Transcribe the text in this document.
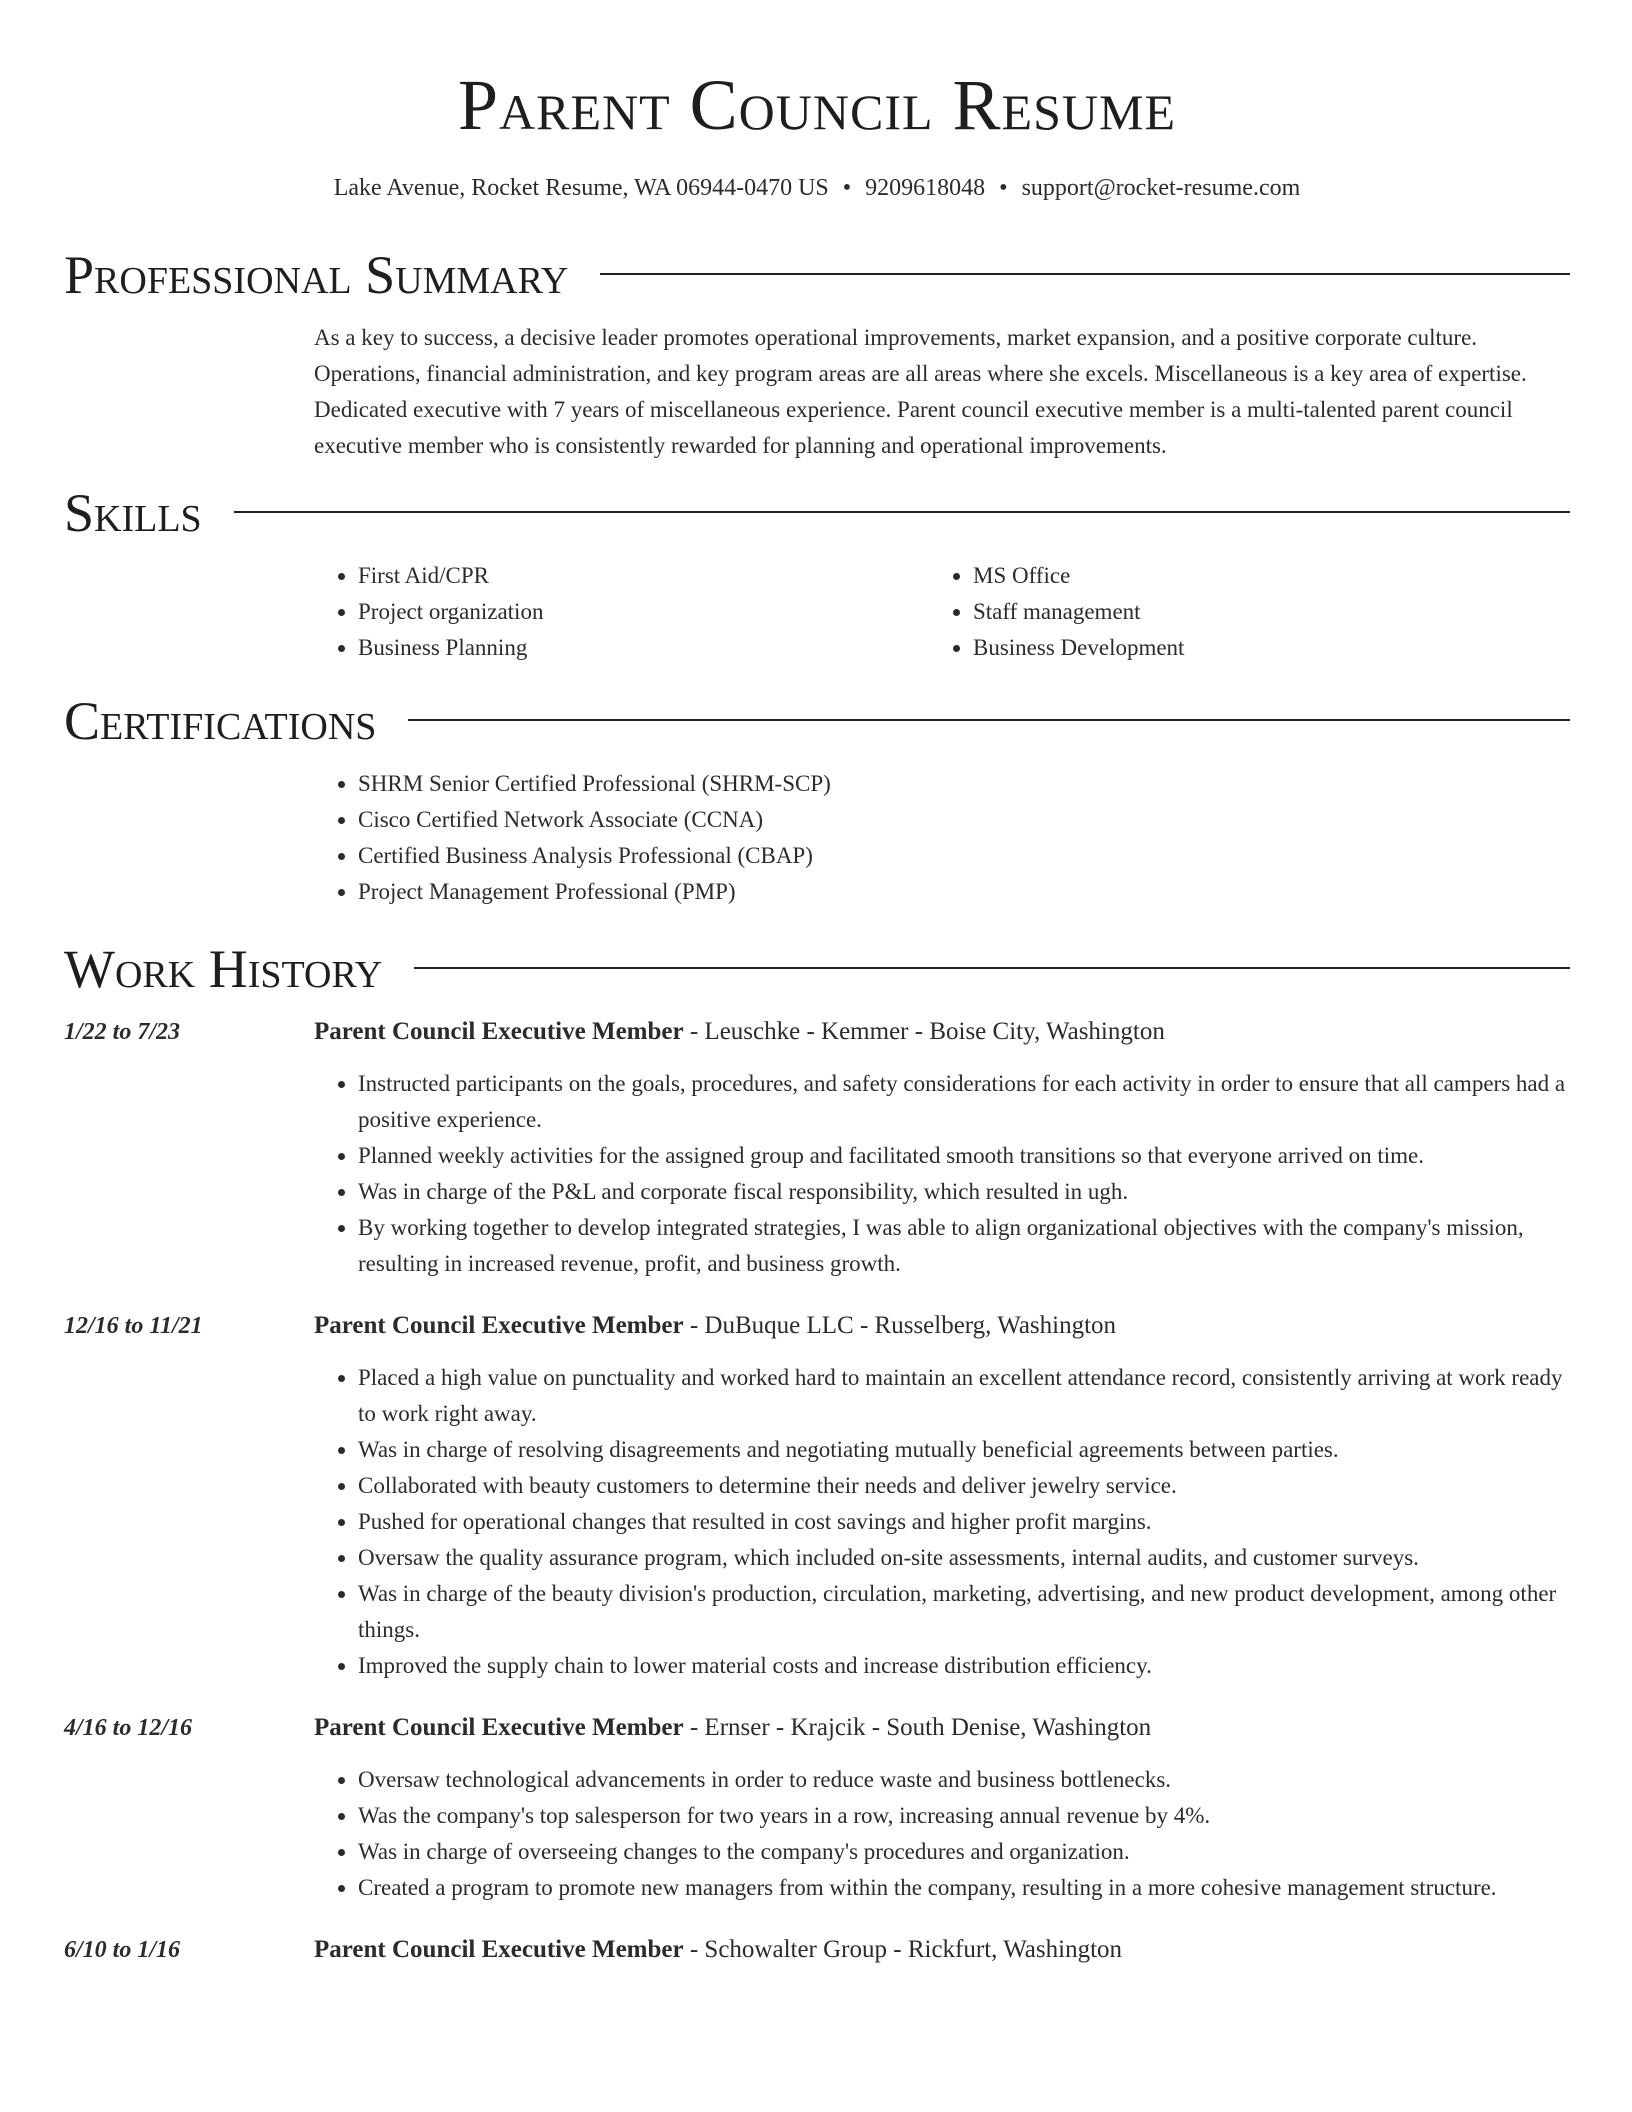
Parent Council Resume
Lake Avenue, Rocket Resume, WA 06944-0470 US • 9209618048 • support@rocket-resume.com
Professional Summary

As a key to success, a decisive leader promotes operational improvements, market expansion, and a positive corporate culture. Operations, financial administration, and key program areas are all areas where she excels. Miscellaneous is a key area of expertise. Dedicated executive with 7 years of miscellaneous experience. Parent council executive member is a multi-talented parent council executive member who is consistently rewarded for planning and operational improvements.

Skills
• First Aid/CPR
• Project organization
• Business Planning
• MS Office
• Staff management
• Business Development
Certifications
• SHRM Senior Certified Professional (SHRM-SCP)
• Cisco Certified Network Associate (CCNA)
• Certified Business Analysis Professional (CBAP)
• Project Management Professional (PMP)
Work History
1/22 to 7/23	Parent Council Executive Member - Leuschke - Kemmer - Boise City, Washington
• Instructed participants on the goals, procedures, and safety considerations for each activity in order to ensure that all campers had a positive experience.
• Planned weekly activities for the assigned group and facilitated smooth transitions so that everyone arrived on time.
• Was in charge of the P&L and corporate fiscal responsibility, which resulted in ugh.
• By working together to develop integrated strategies, I was able to align organizational objectives with the company's mission, resulting in increased revenue, profit, and business growth.
12/16 to 11/21	Parent Council Executive Member - DuBuque LLC - Russelberg, Washington
• Placed a high value on punctuality and worked hard to maintain an excellent attendance record, consistently arriving at work ready to work right away.
• Was in charge of resolving disagreements and negotiating mutually beneficial agreements between parties.
• Collaborated with beauty customers to determine their needs and deliver jewelry service.
• Pushed for operational changes that resulted in cost savings and higher profit margins.
• Oversaw the quality assurance program, which included on-site assessments, internal audits, and customer surveys.
• Was in charge of the beauty division's production, circulation, marketing, advertising, and new product development, among other things.
• Improved the supply chain to lower material costs and increase distribution efficiency.
4/16 to 12/16	Parent Council Executive Member - Ernser - Krajcik - South Denise, Washington
• Oversaw technological advancements in order to reduce waste and business bottlenecks.
• Was the company's top salesperson for two years in a row, increasing annual revenue by 4%.
• Was in charge of overseeing changes to the company's procedures and organization.
• Created a program to promote new managers from within the company, resulting in a more cohesive management structure.
6/10 to 1/16	Parent Council Executive Member - Schowalter Group - Rickfurt, Washington
